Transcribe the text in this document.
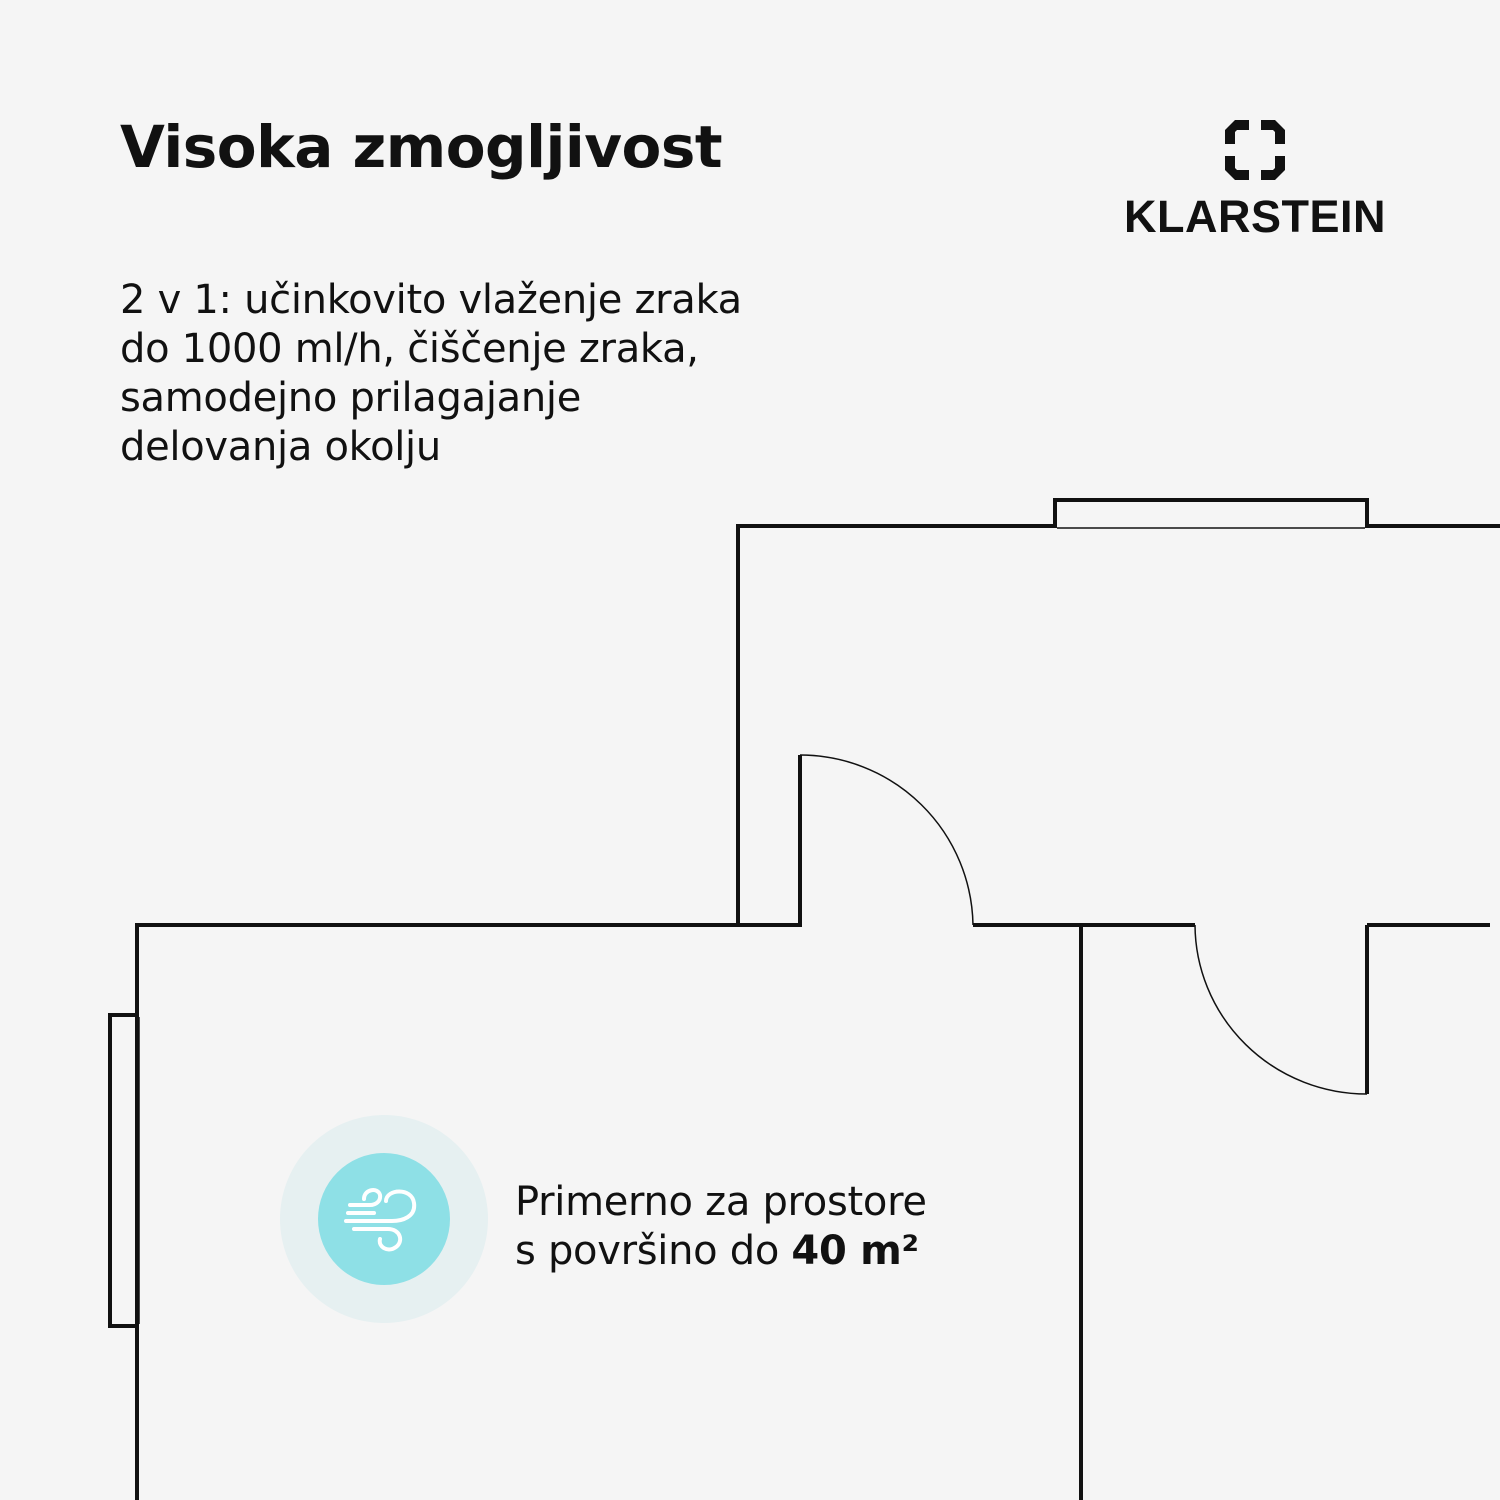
Visoka zmogljivost

2 v 1: učinkovito vlaženje zraka do 1000 ml/h, čiščenje zraka, samodejno prilagajanje delovanja okolju

KLARSTEIN

Primerno za prostore
s površino do 40 m²
